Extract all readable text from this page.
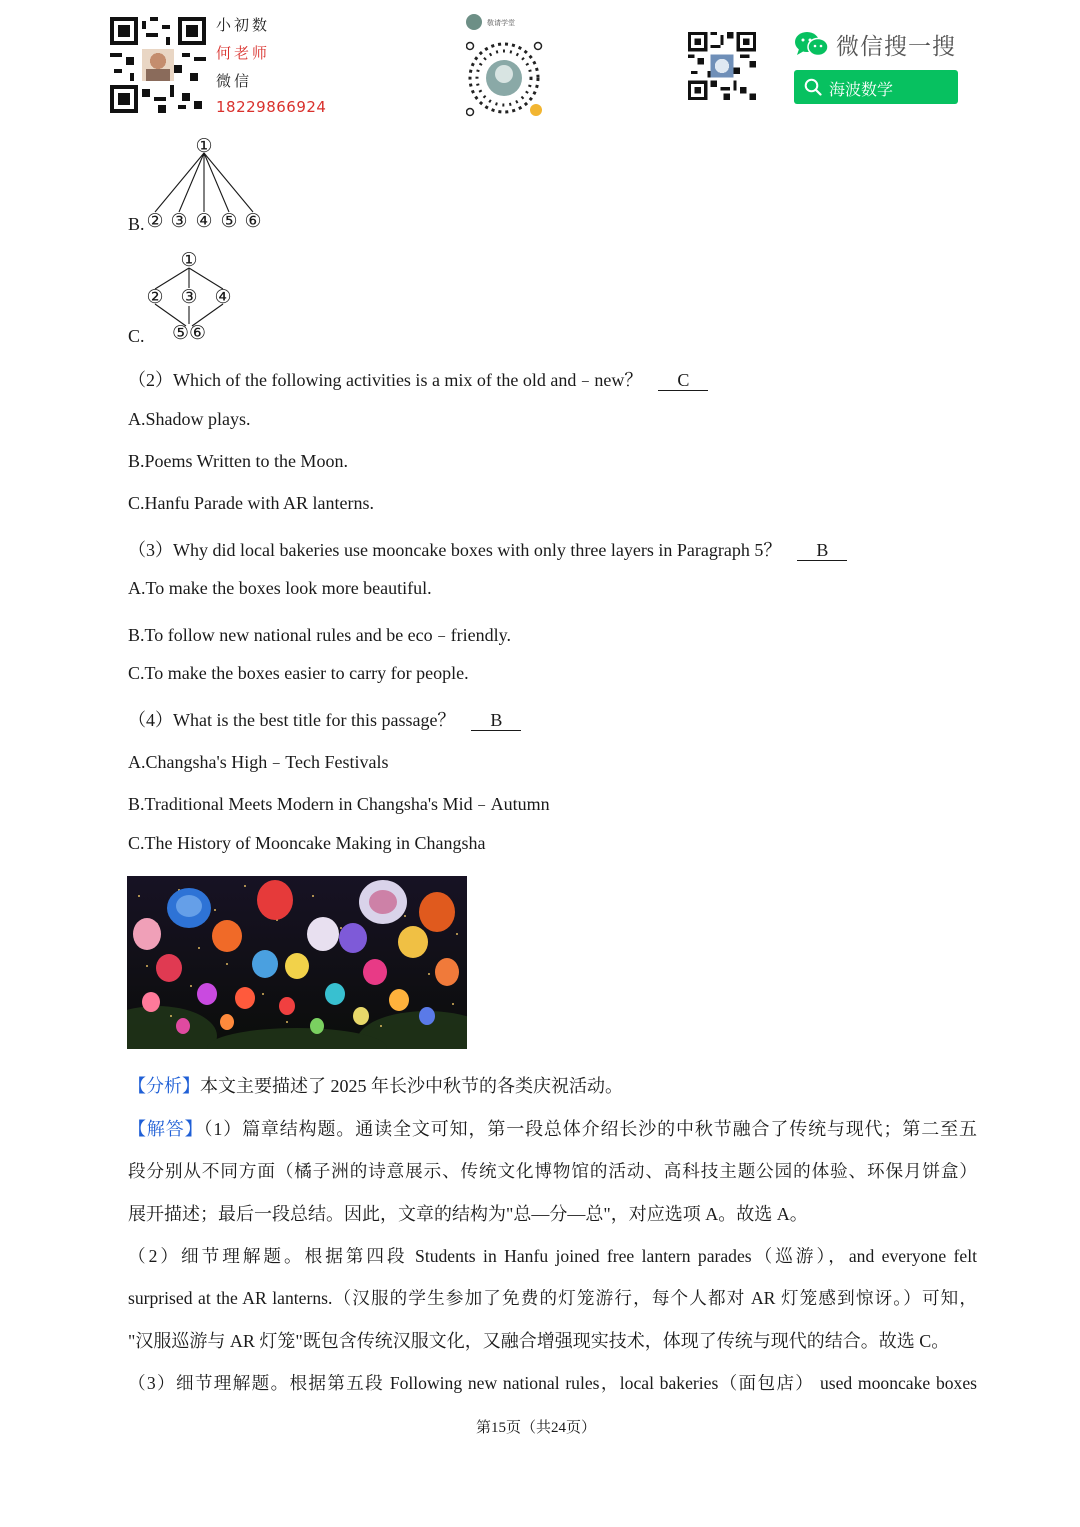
小初数
何老师
微信
18229866924
敬请学堂
微信搜一搜
海波数学
①
② ③ ④ ⑤ ⑥
B.
①
② ③ ④
⑤⑥
C.
（2）Which of the following activities is a mix of the old and﹣new？ C
A.Shadow plays.
B.Poems Written to the Moon.
C.Hanfu Parade with AR lanterns.
（3）Why did local bakeries use mooncake boxes with only three layers in Paragraph 5？ B
A.To make the boxes look more beautiful.
B.To follow new national rules and be eco﹣friendly.
C.To make the boxes easier to carry for people.
（4）What is the best title for this passage？ B
A.Changsha's High﹣Tech Festivals
B.Traditional Meets Modern in Changsha's Mid﹣Autumn
C.The History of Mooncake Making in Changsha
【分析】本文主要描述了 2025 年长沙中秋节的各类庆祝活动。
【解答】（1）篇章结构题。通读全文可知，第一段总体介绍长沙的中秋节融合了传统与现代；第二至五
段分别从不同方面（橘子洲的诗意展示、传统文化博物馆的活动、高科技主题公园的体验、环保月饼盒）
展开描述；最后一段总结。因此，文章的结构为"总—分—总"，对应选项 A。故选 A。
（2）细节理解题。根据第四段 Students in Hanfu joined free lantern parades（巡游），and everyone felt
surprised at the AR lanterns.（汉服的学生参加了免费的灯笼游行，每个人都对 AR 灯笼感到惊讶。）可知，
"汉服巡游与 AR 灯笼"既包含传统汉服文化，又融合增强现实技术，体现了传统与现代的结合。故选 C。
（3）细节理解题。根据第五段 Following new national rules，local bakeries（面包店） used mooncake boxes
第15页（共24页）
